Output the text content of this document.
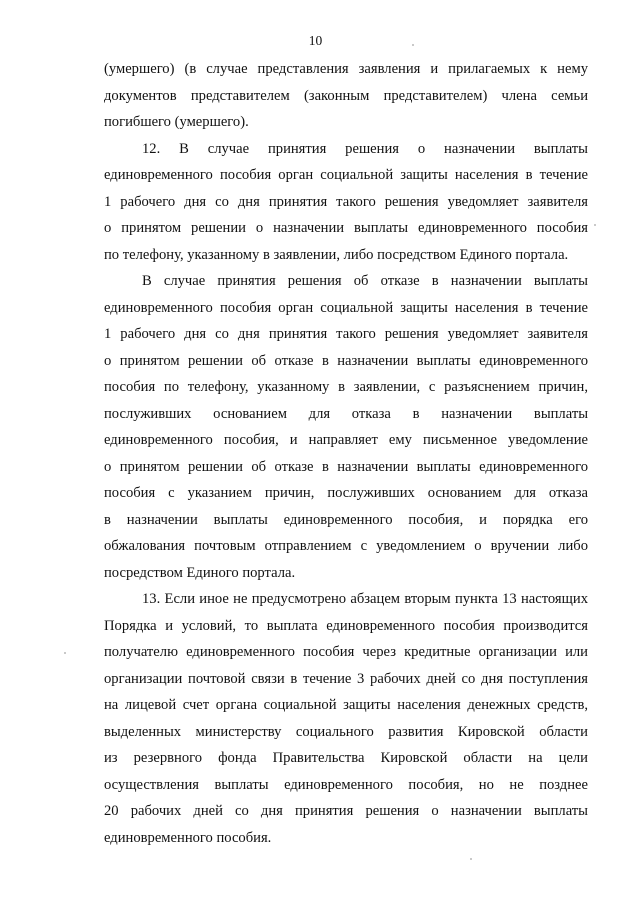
10
(умершего) (в случае представления заявления и прилагаемых к нему
документов представителем (законным представителем) члена семьи
погибшего (умершего).
12. В случае принятия решения о назначении выплаты
единовременного пособия орган социальной защиты населения в течение
1 рабочего дня со дня принятия такого решения уведомляет заявителя
о принятом решении о назначении выплаты единовременного пособия
по телефону, указанному в заявлении, либо посредством Единого портала.
В случае принятия решения об отказе в назначении выплаты
единовременного пособия орган социальной защиты населения в течение
1 рабочего дня со дня принятия такого решения уведомляет заявителя
о принятом решении об отказе в назначении выплаты единовременного
пособия по телефону, указанному в заявлении, с разъяснением причин,
послуживших основанием для отказа в назначении выплаты
единовременного пособия, и направляет ему письменное уведомление
о принятом решении об отказе в назначении выплаты единовременного
пособия с указанием причин, послуживших основанием для отказа
в назначении выплаты единовременного пособия, и порядка его
обжалования почтовым отправлением с уведомлением о вручении либо
посредством Единого портала.
13. Если иное не предусмотрено абзацем вторым пункта 13 настоящих
Порядка и условий, то выплата единовременного пособия производится
получателю единовременного пособия через кредитные организации или
организации почтовой связи в течение 3 рабочих дней со дня поступления
на лицевой счет органа социальной защиты населения денежных средств,
выделенных министерству социального развития Кировской области
из резервного фонда Правительства Кировской области на цели
осуществления выплаты единовременного пособия, но не позднее
20 рабочих дней со дня принятия решения о назначении выплаты
единовременного пособия.
